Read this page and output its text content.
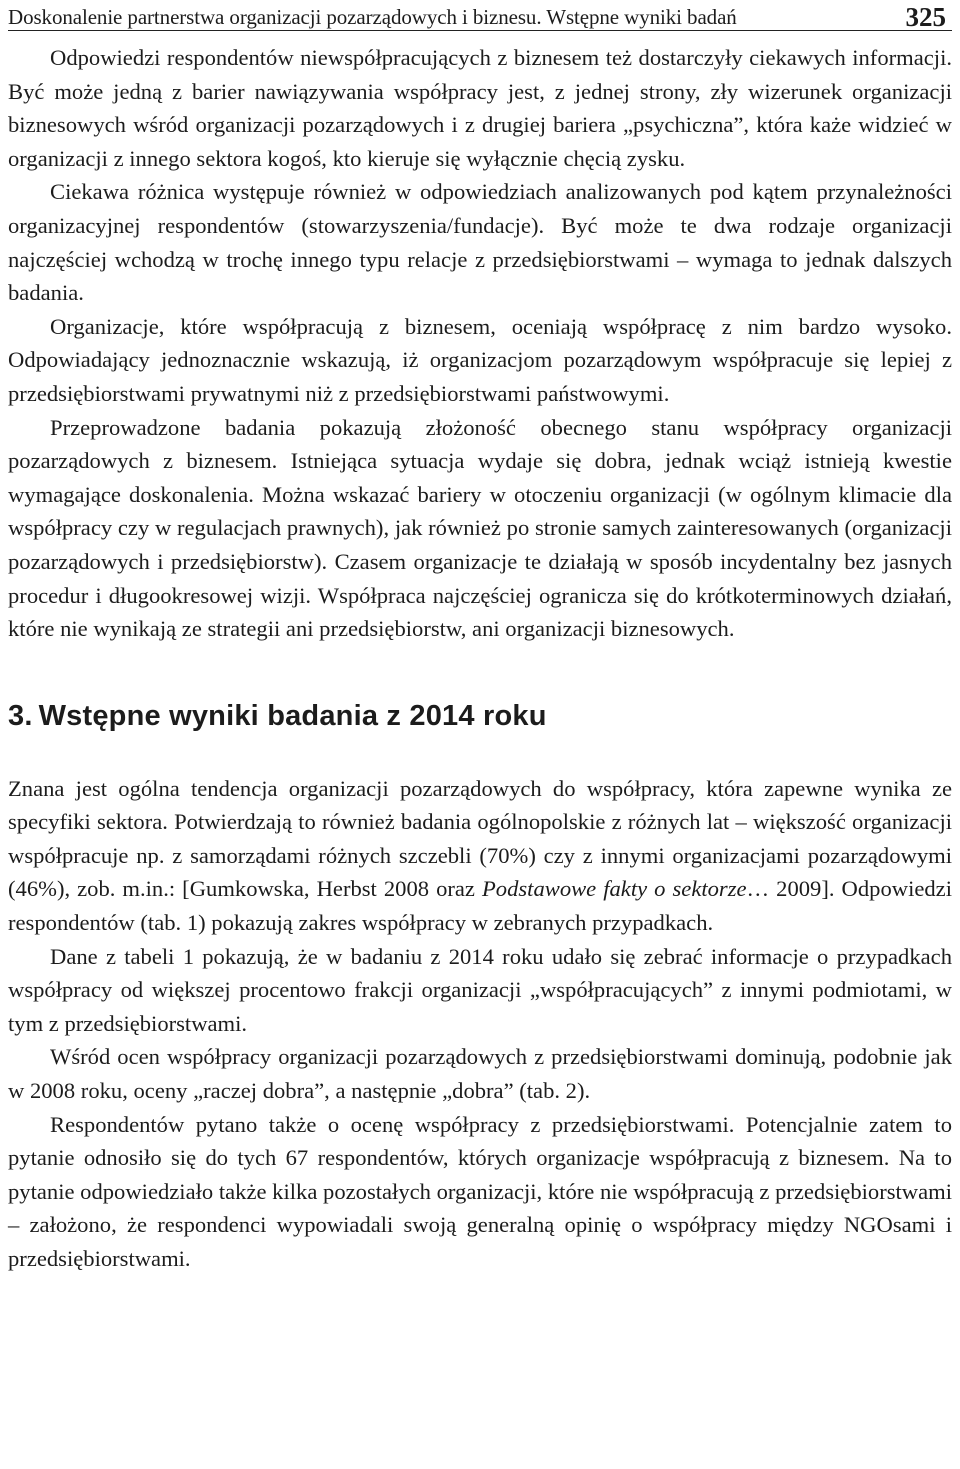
Doskonalenie partnerstwa organizacji pozarządowych i biznesu. Wstępne wyniki badań	325

Odpowiedzi respondentów niewspółpracujących z biznesem też dostarczyły ciekawych informacji. Być może jedną z barier nawiązywania współpracy jest, z jednej strony, zły wizerunek organizacji biznesowych wśród organizacji pozarządowych i z drugiej bariera „psychiczna”, która każe widzieć w organizacji z innego sektora kogoś, kto kieruje się wyłącznie chęcią zysku.

Ciekawa różnica występuje również w odpowiedziach analizowanych pod kątem przynależności organizacyjnej respondentów (stowarzyszenia/fundacje). Być może te dwa rodzaje organizacji najczęściej wchodzą w trochę innego typu relacje z przedsiębiorstwami – wymaga to jednak dalszych badania.

Organizacje, które współpracują z biznesem, oceniają współpracę z nim bardzo wysoko. Odpowiadający jednoznacznie wskazują, iż organizacjom pozarządowym współpracuje się lepiej z przedsiębiorstwami prywatnymi niż z przedsiębiorstwami państwowymi.

Przeprowadzone badania pokazują złożoność obecnego stanu współpracy organizacji pozarządowych z biznesem. Istniejąca sytuacja wydaje się dobra, jednak wciąż istnieją kwestie wymagające doskonalenia. Można wskazać bariery w otoczeniu organizacji (w ogólnym klimacie dla współpracy czy w regulacjach prawnych), jak również po stronie samych zainteresowanych (organizacji pozarządowych i przedsiębiorstw). Czasem organizacje te działają w sposób incydentalny bez jasnych procedur i długookresowej wizji. Współpraca najczęściej ogranicza się do krótkoterminowych działań, które nie wynikają ze strategii ani przedsiębiorstw, ani organizacji biznesowych.

3. Wstępne wyniki badania z 2014 roku

Znana jest ogólna tendencja organizacji pozarządowych do współpracy, która zapewne wynika ze specyfiki sektora. Potwierdzają to również badania ogólnopolskie z różnych lat – większość organizacji współpracuje np. z samorządami różnych szczebli (70%) czy z innymi organizacjami pozarządowymi (46%), zob. m.in.: [Gumkowska, Herbst 2008 oraz Podstawowe fakty o sektorze… 2009]. Odpowiedzi respondentów (tab. 1) pokazują zakres współpracy w zebranych przypadkach.

Dane z tabeli 1 pokazują, że w badaniu z 2014 roku udało się zebrać informacje o przypadkach współpracy od większej procentowo frakcji organizacji „współpracujących” z innymi podmiotami, w tym z przedsiębiorstwami.

Wśród ocen współpracy organizacji pozarządowych z przedsiębiorstwami dominują, podobnie jak w 2008 roku, oceny „raczej dobra”, a następnie „dobra” (tab. 2).

Respondentów pytano także o ocenę współpracy z przedsiębiorstwami. Potencjalnie zatem to pytanie odnosiło się do tych 67 respondentów, których organizacje współpracują z biznesem. Na to pytanie odpowiedziało także kilka pozostałych organizacji, które nie współpracują z przedsiębiorstwami – założono, że respondenci wypowiadali swoją generalną opinię o współpracy między NGOsami i przedsiębiorstwami.
